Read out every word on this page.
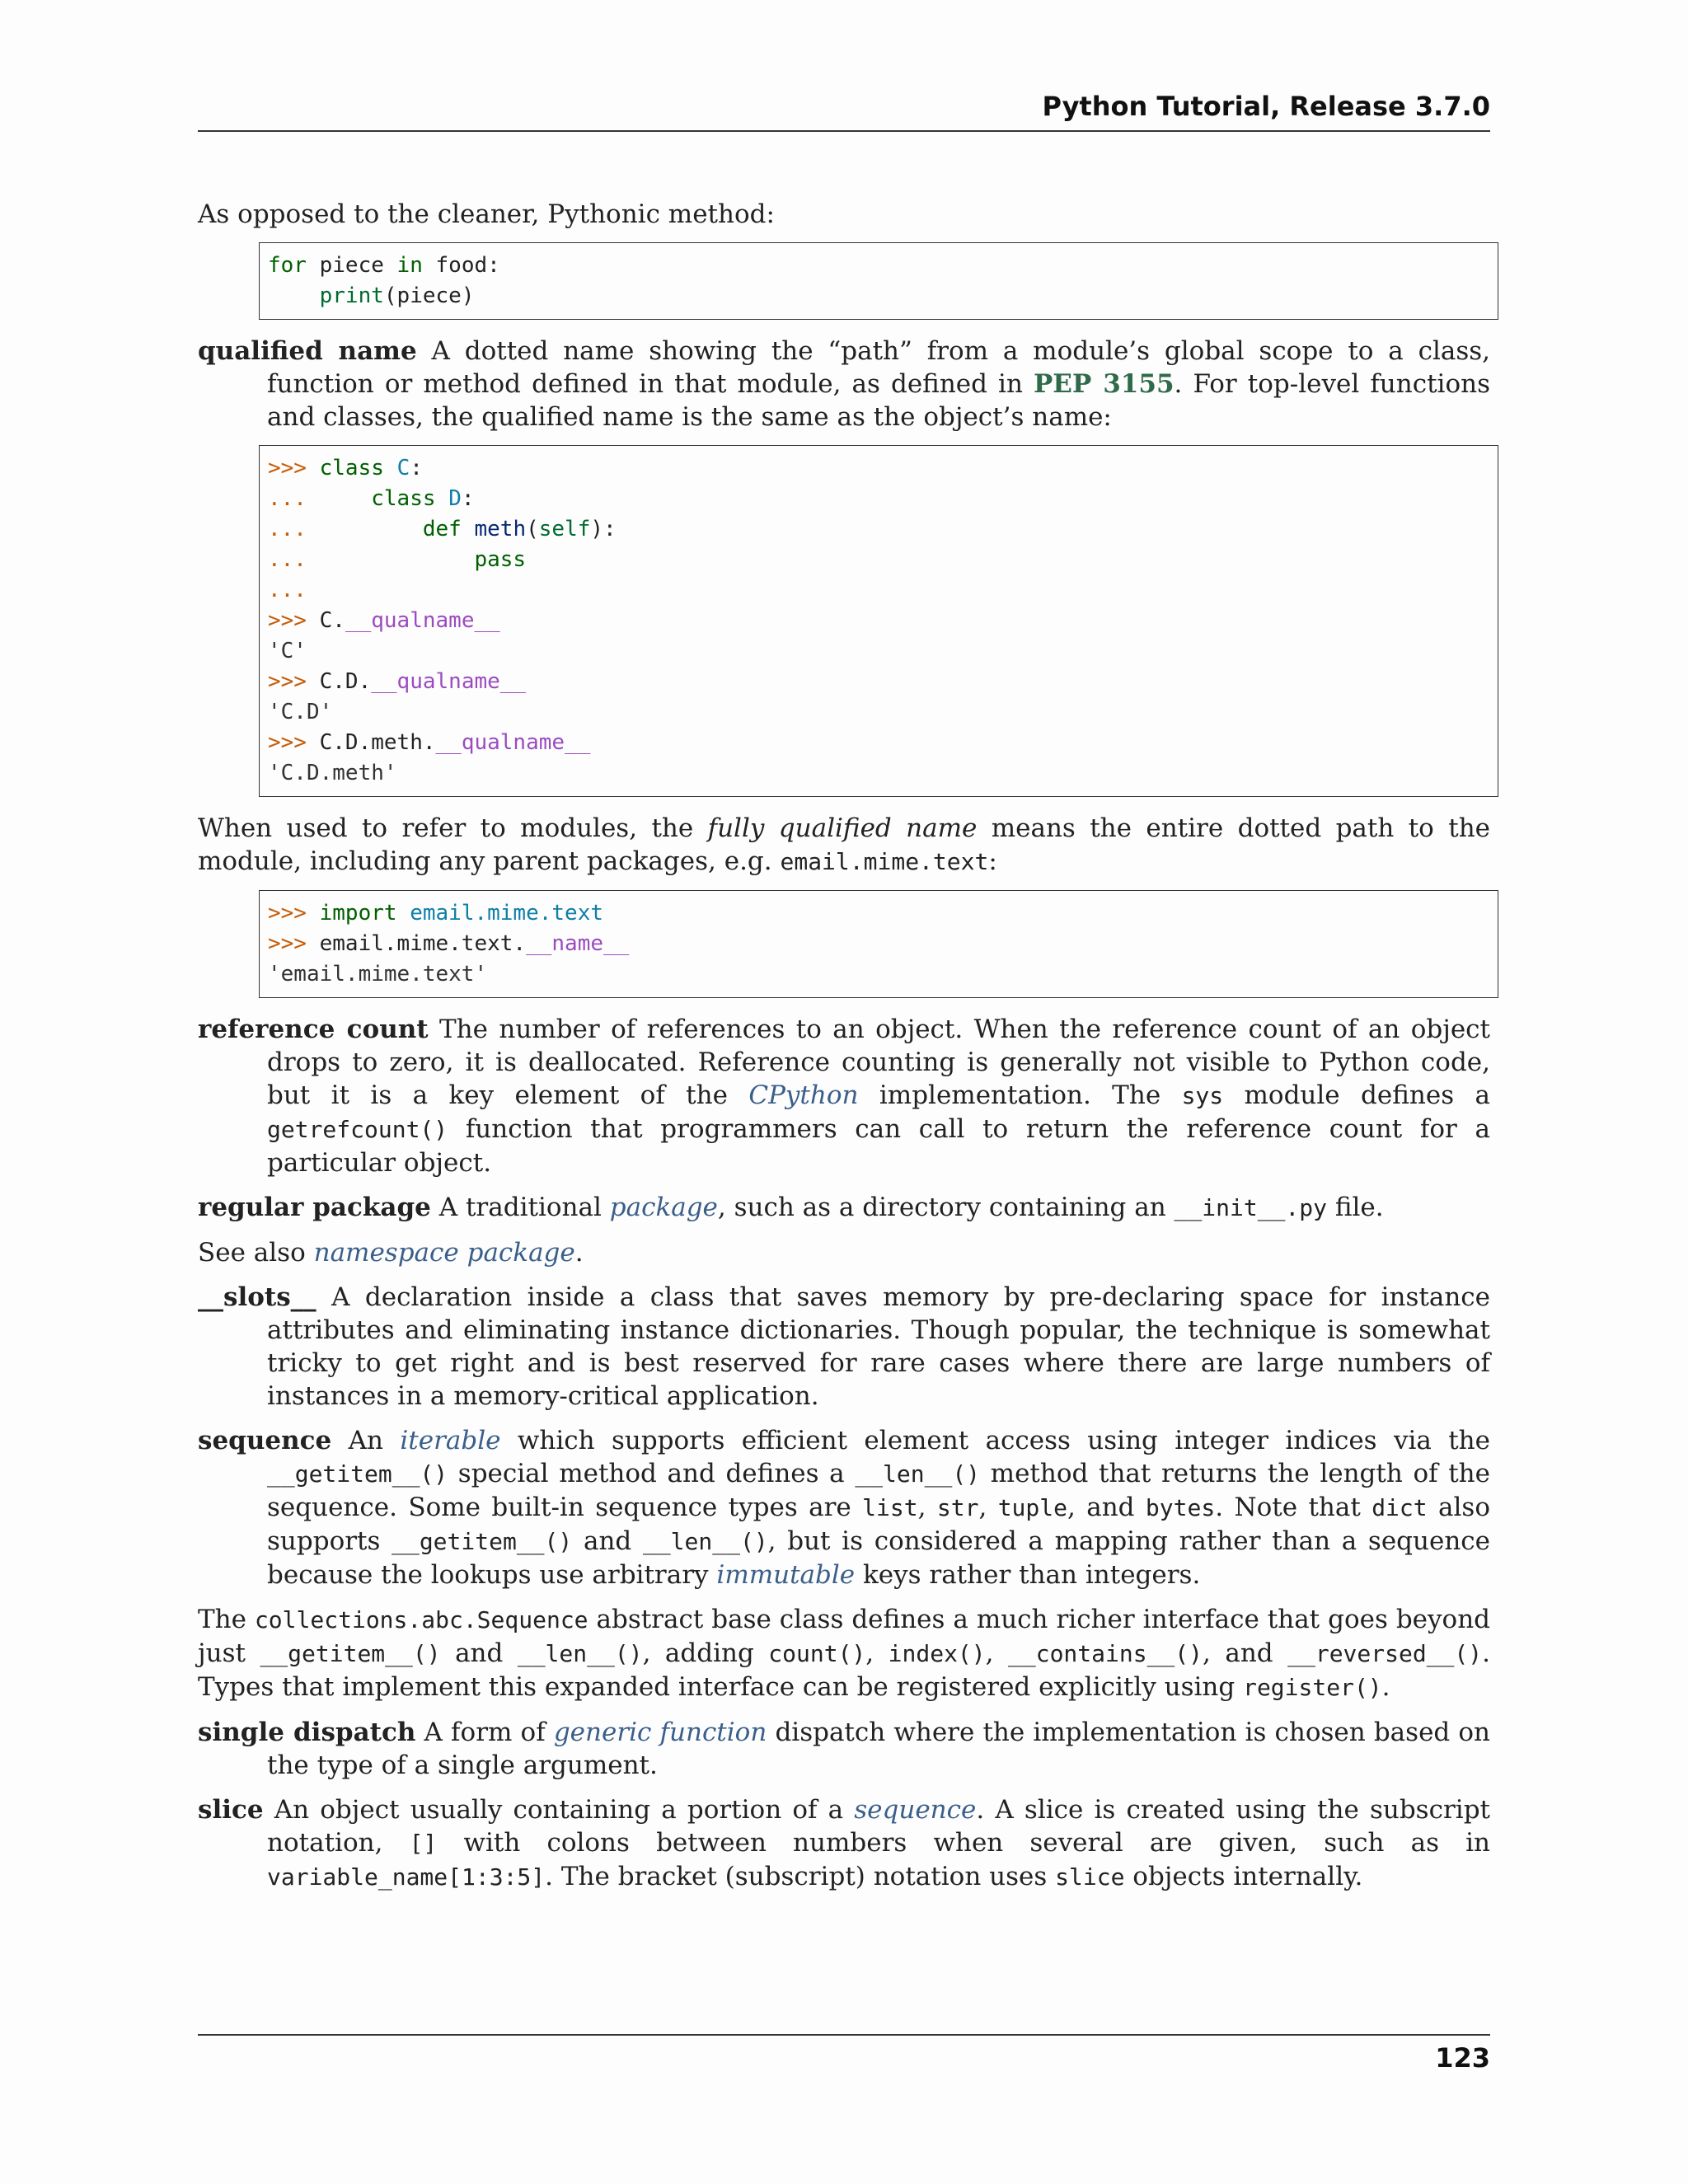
Python Tutorial, Release 3.7.0

As opposed to the cleaner, Pythonic method:

for piece in food:
print(piece)

qualified name A dotted name showing the “path” from a module’s global scope to a class, function or method defined in that module, as defined in PEP 3155. For top-level functions and classes, the qualified name is the same as the object’s name:

>>> class C:
...	class D:
...	def meth(self):
...	pass
...
>>> C.__qualname__
'C'
>>> C.D.__qualname__
'C.D'
>>> C.D.meth.__qualname__
'C.D.meth'

When used to refer to modules, the fully qualified name means the entire dotted path to the module, including any parent packages, e.g. email.mime.text:

>>> import email.mime.text
>>> email.mime.text.__name__
'email.mime.text'

reference count The number of references to an object. When the reference count of an object drops to zero, it is deallocated. Reference counting is generally not visible to Python code, but it is a key element of the CPython implementation. The sys module defines a getrefcount() function that programmers can call to return the reference count for a particular object.

regular package A traditional package, such as a directory containing an __init__.py file.

See also namespace package.

__slots__ A declaration inside a class that saves memory by pre-declaring space for instance attributes and eliminating instance dictionaries. Though popular, the technique is somewhat tricky to get right and is best reserved for rare cases where there are large numbers of instances in a memory-critical application.

sequence An iterable which supports efficient element access using integer indices via the __getitem__() special method and defines a __len__() method that returns the length of the sequence. Some built-in sequence types are list, str, tuple, and bytes. Note that dict also supports __getitem__() and __len__(), but is considered a mapping rather than a sequence because the lookups use arbitrary immutable keys rather than integers.

The collections.abc.Sequence abstract base class defines a much richer interface that goes beyond just __getitem__() and __len__(), adding count(), index(), __contains__(), and __reversed__(). Types that implement this expanded interface can be registered explicitly using register().

single dispatch A form of generic function dispatch where the implementation is chosen based on the type of a single argument.

slice An object usually containing a portion of a sequence. A slice is created using the subscript notation, [] with colons between numbers when several are given, such as in variable_name[1:3:5]. The bracket (subscript) notation uses slice objects internally.

123
